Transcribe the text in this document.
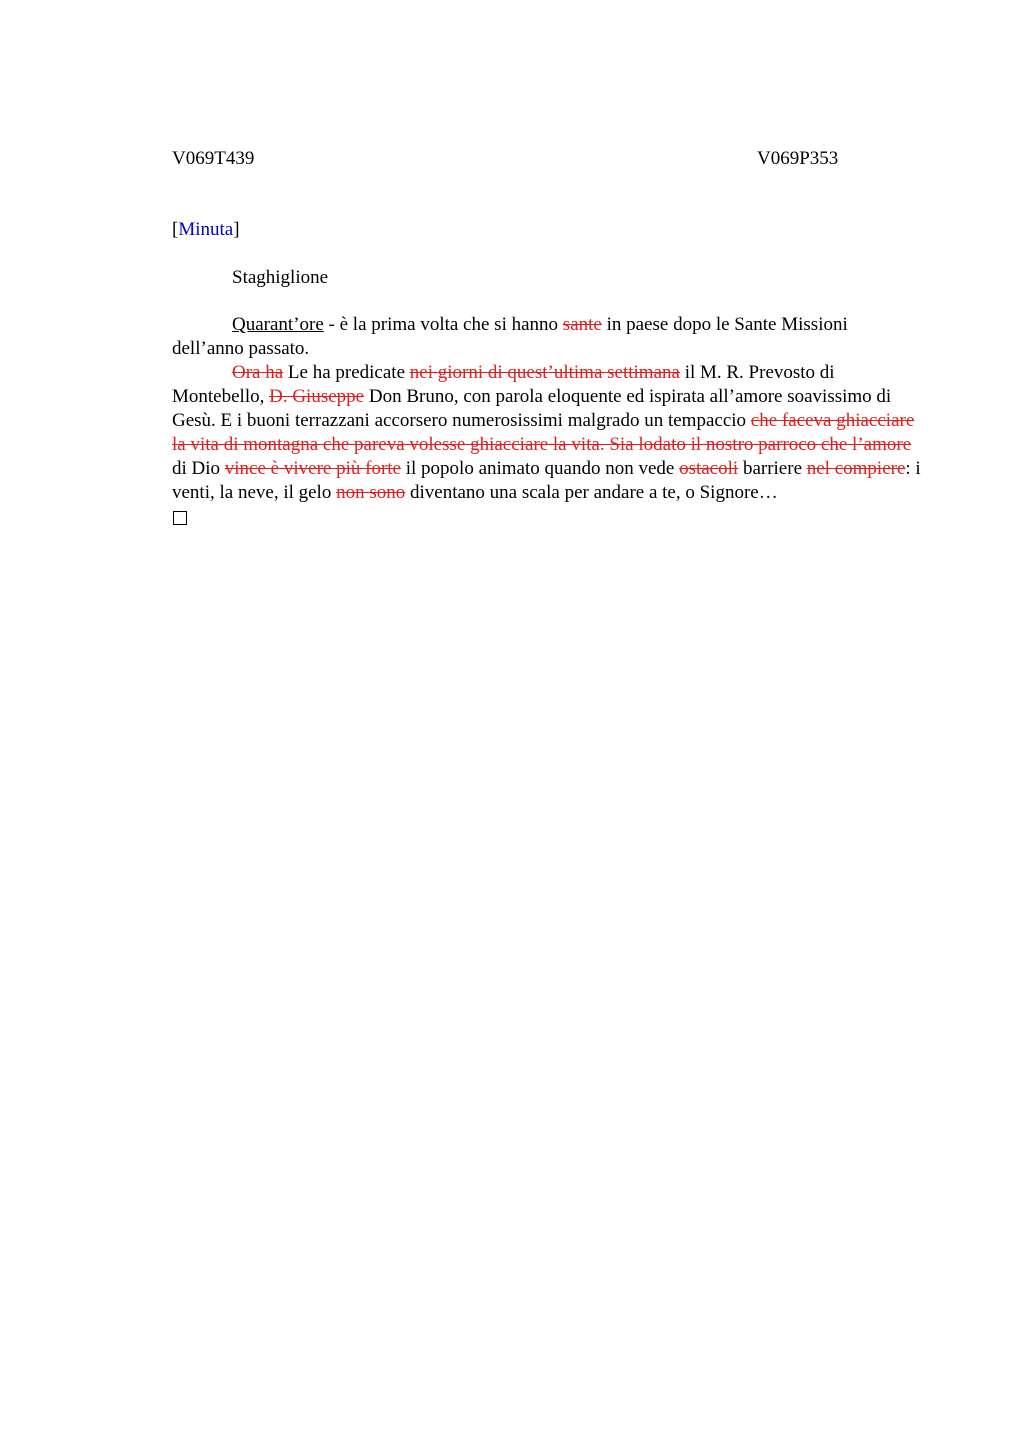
V069T439	V069P353
[Minuta]
Staghiglione

Quarant’ore - è la prima volta che si hanno sante in paese dopo le Sante Missioni dell’anno passato.

Ora ha Le ha predicate nei giorni di quest’ultima settimana il M. R. Prevosto di Montebello, D. Giuseppe Don Bruno, con parola eloquente ed ispirata all’amore soavissimo di Gesù. E i buoni terrazzani accorsero numerosissimi malgrado un tempaccio che faceva ghiacciare la vita di montagna che pareva volesse ghiacciare la vita. Sia lodato il nostro parroco che l’amore di Dio vince è vivere più forte il popolo animato quando non vede ostacoli barriere nel compiere: i venti, la neve, il gelo non sono diventano una scala per andare a te, o Signore…
